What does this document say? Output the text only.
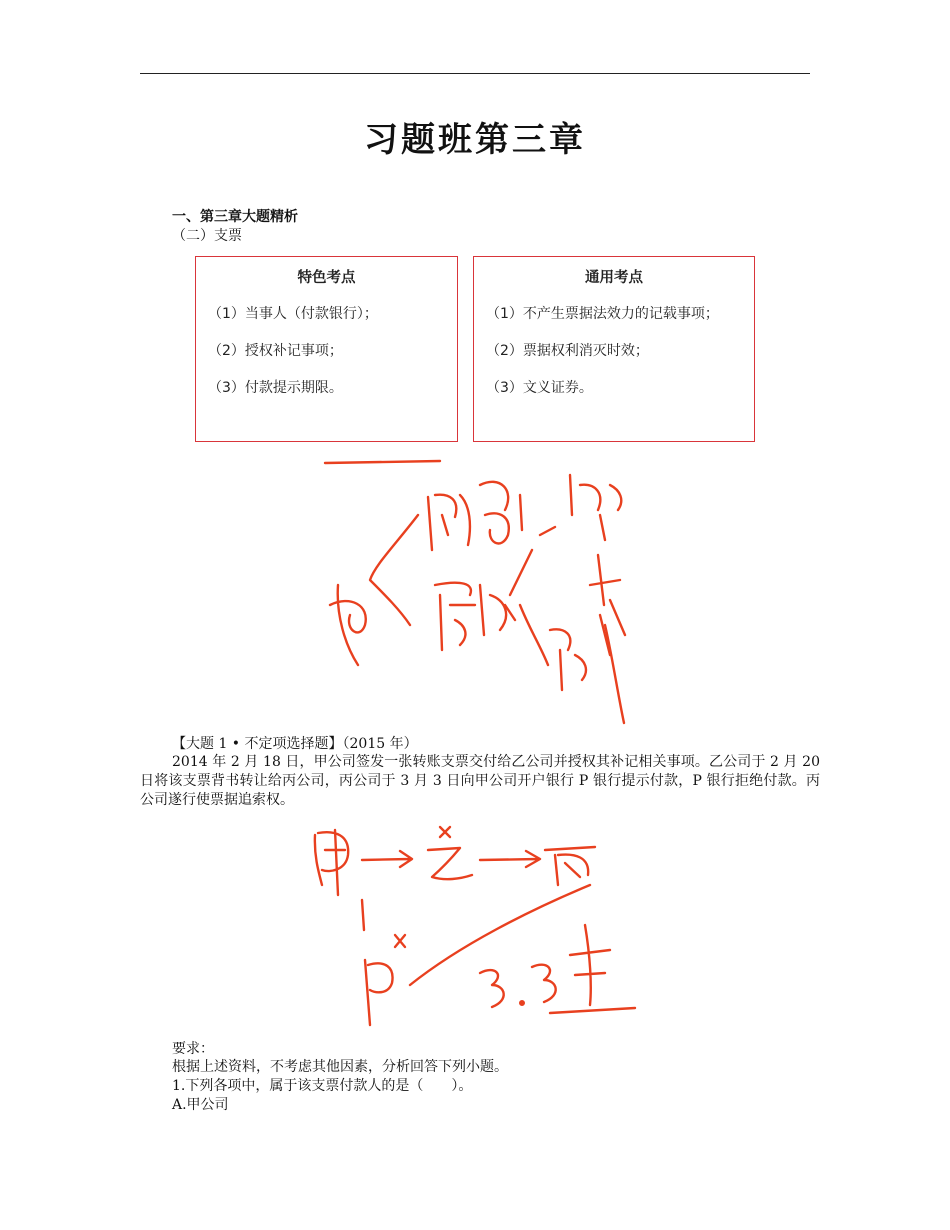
习题班第三章
一、第三章大题精析
（二）支票
特色考点
（1）当事人（付款银行）；
（2）授权补记事项；
（3）付款提示期限。
通用考点
（1）不产生票据法效力的记载事项；
（2）票据权利消灭时效；
（3）文义证券。
【大题 1 • 不定项选择题】（2015 年）
2014 年 2 月 18 日，甲公司签发一张转账支票交付给乙公司并授权其补记相关事项。乙公司于 2 月 20 日将该支票背书转让给丙公司，丙公司于 3 月 3 日向甲公司开户银行 P 银行提示付款，P 银行拒绝付款。丙公司遂行使票据追索权。
要求：
根据上述资料，不考虑其他因素，分析回答下列小题。
1.下列各项中，属于该支票付款人的是（　　）。
A.甲公司
